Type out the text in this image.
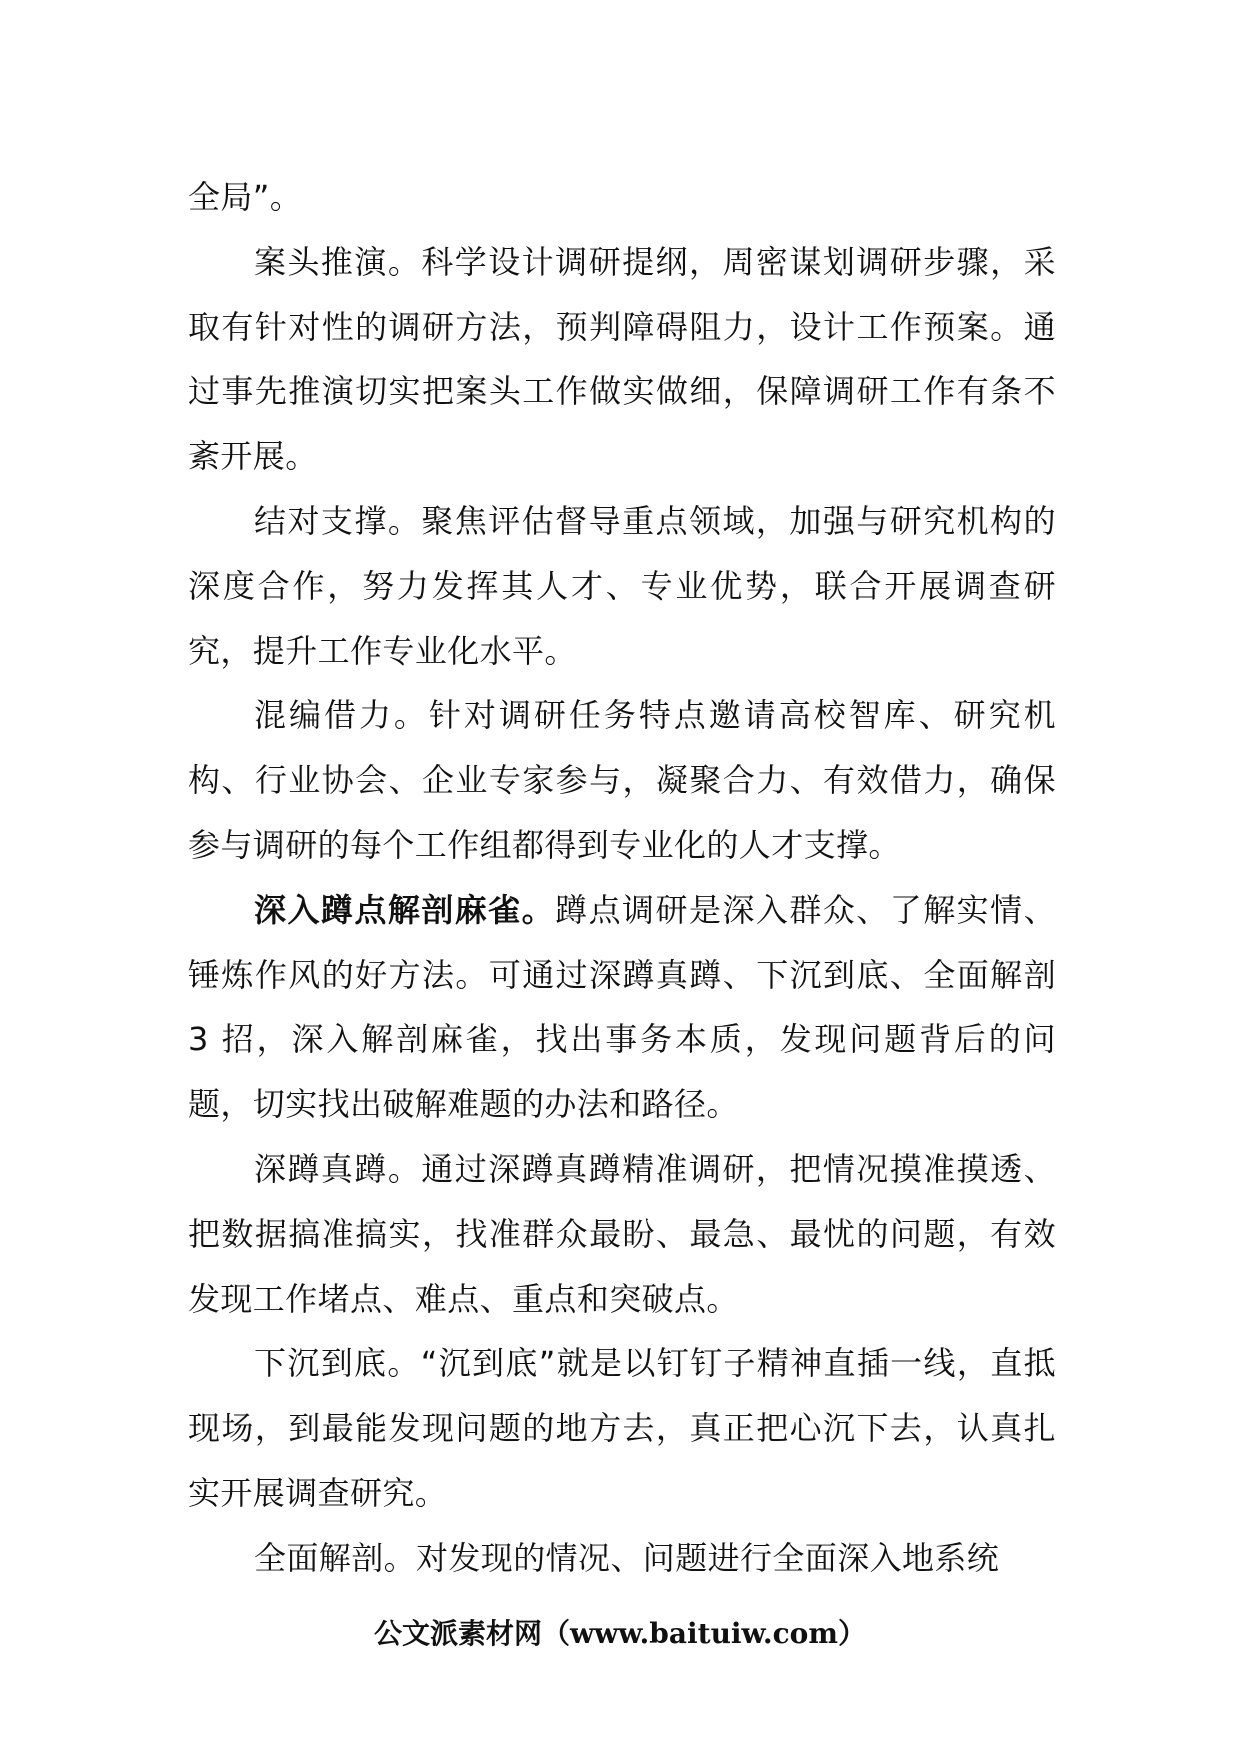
全局”。

案头推演。科学设计调研提纲，周密谋划调研步骤，采取有针对性的调研方法，预判障碍阻力，设计工作预案。通过事先推演切实把案头工作做实做细，保障调研工作有条不紊开展。

结对支撑。聚焦评估督导重点领域，加强与研究机构的深度合作，努力发挥其人才、专业优势，联合开展调查研究，提升工作专业化水平。

混编借力。针对调研任务特点邀请高校智库、研究机构、行业协会、企业专家参与，凝聚合力、有效借力，确保参与调研的每个工作组都得到专业化的人才支撑。

深入蹲点解剖麻雀。蹲点调研是深入群众、了解实情、锤炼作风的好方法。可通过深蹲真蹲、下沉到底、全面解剖 3 招，深入解剖麻雀，找出事务本质，发现问题背后的问题，切实找出破解难题的办法和路径。

深蹲真蹲。通过深蹲真蹲精准调研，把情况摸准摸透、把数据搞准搞实，找准群众最盼、最急、最忧的问题，有效发现工作堵点、难点、重点和突破点。

下沉到底。“沉到底”就是以钉钉子精神直插一线，直抵现场，到最能发现问题的地方去，真正把心沉下去，认真扎实开展调查研究。

全面解剖。对发现的情况、问题进行全面深入地系统

公文派素材网（www.baituiw.com）
